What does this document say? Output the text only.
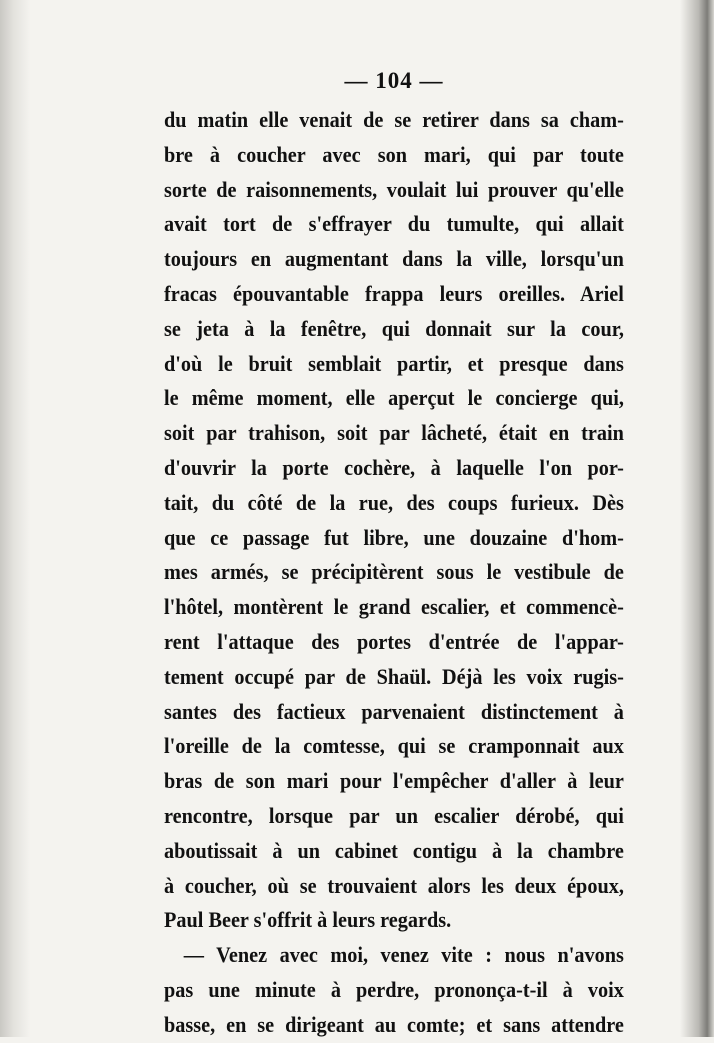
— 104 —
du matin elle venait de se retirer dans sa cham-
bre à coucher avec son mari, qui par toute
sorte de raisonnements, voulait lui prouver qu'elle
avait tort de s'effrayer du tumulte, qui allait
toujours en augmentant dans la ville, lorsqu'un
fracas épouvantable frappa leurs oreilles. Ariel
se jeta à la fenêtre, qui donnait sur la cour,
d'où le bruit semblait partir, et presque dans
le même moment, elle aperçut le concierge qui,
soit par trahison, soit par lâcheté, était en train
d'ouvrir la porte cochère, à laquelle l'on por-
tait, du côté de la rue, des coups furieux. Dès
que ce passage fut libre, une douzaine d'hom-
mes armés, se précipitèrent sous le vestibule de
l'hôtel, montèrent le grand escalier, et commencè-
rent l'attaque des portes d'entrée de l'appar-
tement occupé par de Shaül. Déjà les voix rugis-
santes des factieux parvenaient distinctement à
l'oreille de la comtesse, qui se cramponnait aux
bras de son mari pour l'empêcher d'aller à leur
rencontre, lorsque par un escalier dérobé, qui
aboutissait à un cabinet contigu à la chambre
à coucher, où se trouvaient alors les deux époux,
Paul Beer s'offrit à leurs regards.
— Venez avec moi, venez vite : nous n'avons
pas une minute à perdre, prononça-t-il à voix
basse, en se dirigeant au comte; et sans attendre
